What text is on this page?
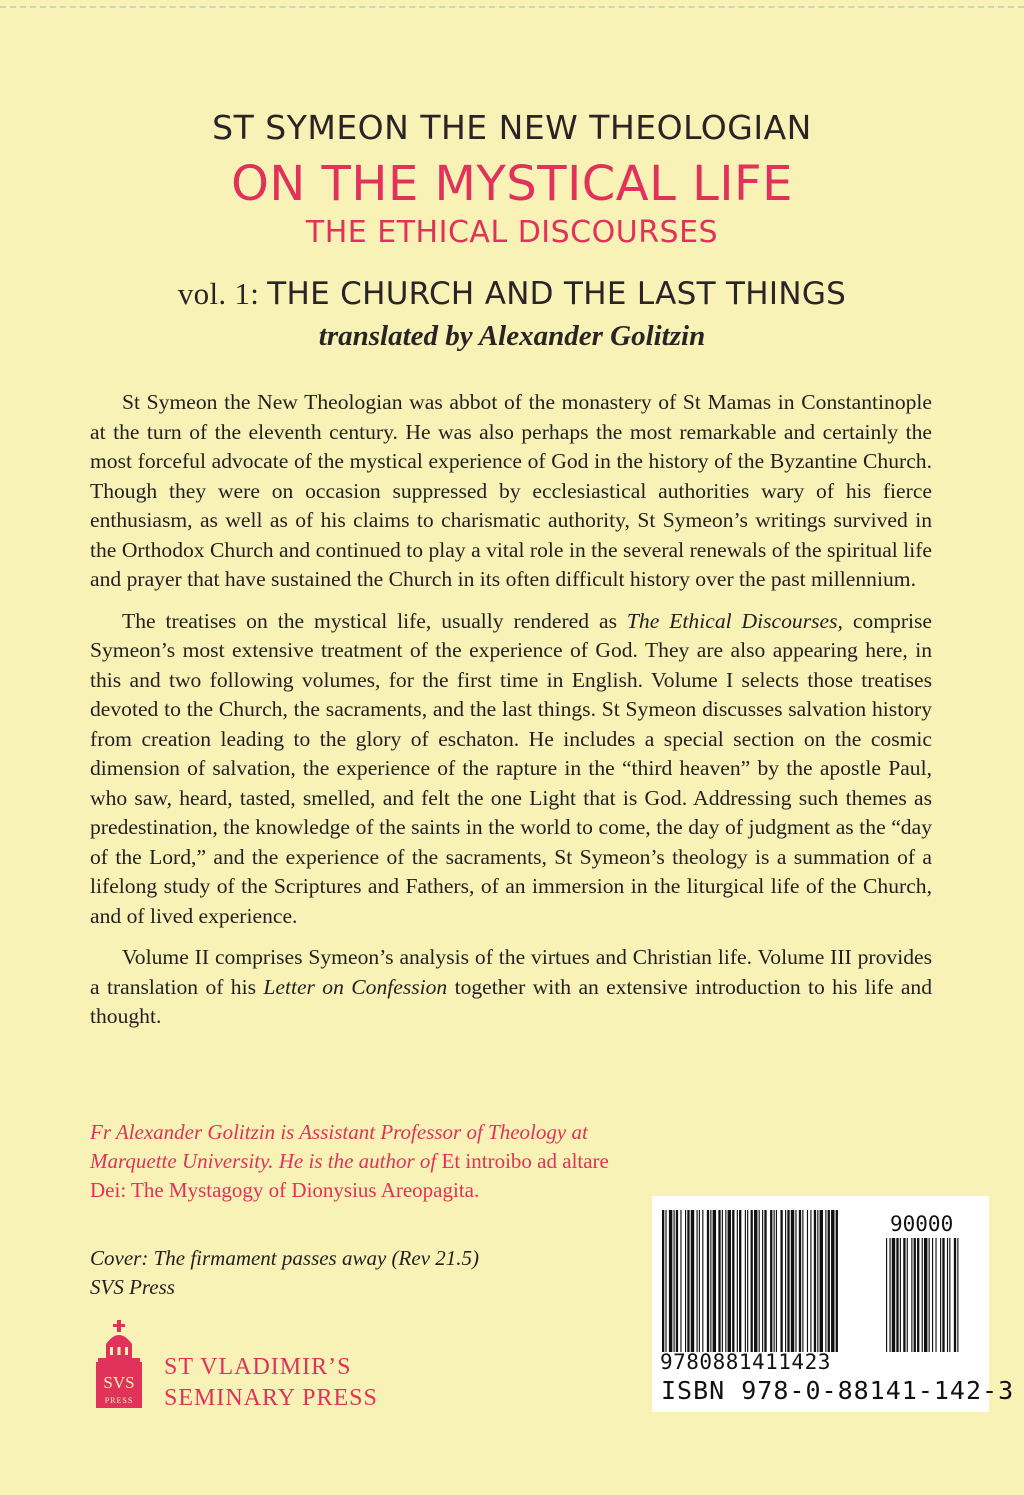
ST SYMEON THE NEW THEOLOGIAN
ON THE MYSTICAL LIFE
THE ETHICAL DISCOURSES
vol. 1: THE CHURCH AND THE LAST THINGS
translated by Alexander Golitzin

St Symeon the New Theologian was abbot of the monastery of St Mamas in Constantinople at the turn of the eleventh century. He was also perhaps the most remarkable and certainly the most forceful advocate of the mystical experience of God in the history of the Byzantine Church. Though they were on occasion suppressed by ecclesiastical authorities wary of his fierce enthusiasm, as well as of his claims to charismatic authority, St Symeon’s writings survived in the Orthodox Church and continued to play a vital role in the several renewals of the spiritual life and prayer that have sustained the Church in its often difficult history over the past millennium.

The treatises on the mystical life, usually rendered as The Ethical Discourses, comprise Symeon’s most extensive treatment of the experience of God. They are also appearing here, in this and two following volumes, for the first time in English. Volume I selects those treatises devoted to the Church, the sacraments, and the last things. St Symeon discusses salvation history from creation leading to the glory of eschaton. He includes a special section on the cosmic dimension of salvation, the experience of the rapture in the “third heaven” by the apostle Paul, who saw, heard, tasted, smelled, and felt the one Light that is God. Addressing such themes as predestination, the knowledge of the saints in the world to come, the day of judgment as the “day of the Lord,” and the experience of the sacraments, St Symeon’s theology is a summation of a lifelong study of the Scriptures and Fathers, of an immersion in the liturgical life of the Church, and of lived experience.

Volume II comprises Symeon’s analysis of the virtues and Christian life. Volume III provides a translation of his Letter on Confession together with an extensive introduction to his life and thought.

Fr Alexander Golitzin is Assistant Professor of Theology at Marquette University. He is the author of Et introibo ad altare Dei: The Mystagogy of Dionysius Areopagita.
Cover: The firmament passes away (Rev 21.5)
SVS Press
SVS
PRESS
ST VLADIMIR’S
SEMINARY PRESS
90000
9780881411423
ISBN 978-0-88141-142-3
